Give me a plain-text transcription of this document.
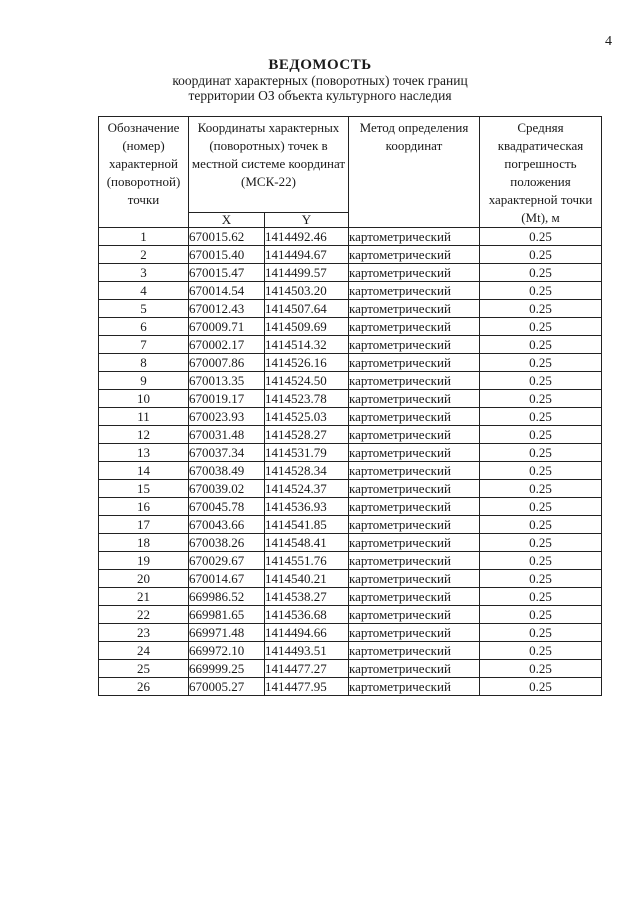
4
ВЕДОМОСТЬ
координат характерных (поворотных) точек границ
территории ОЗ объекта культурного наследия
Обозначение (номер) характерной (поворотной) точки	Координаты характерных (поворотных) точек в местной системе координат (МСК-22)		Метод определения координат	Средняя квадратическая погрешность положения характерной точки (Mt), м
	X	Y		
1	670015.62	1414492.46	картометрический	0.25
2	670015.40	1414494.67	картометрический	0.25
3	670015.47	1414499.57	картометрический	0.25
4	670014.54	1414503.20	картометрический	0.25
5	670012.43	1414507.64	картометрический	0.25
6	670009.71	1414509.69	картометрический	0.25
7	670002.17	1414514.32	картометрический	0.25
8	670007.86	1414526.16	картометрический	0.25
9	670013.35	1414524.50	картометрический	0.25
10	670019.17	1414523.78	картометрический	0.25
11	670023.93	1414525.03	картометрический	0.25
12	670031.48	1414528.27	картометрический	0.25
13	670037.34	1414531.79	картометрический	0.25
14	670038.49	1414528.34	картометрический	0.25
15	670039.02	1414524.37	картометрический	0.25
16	670045.78	1414536.93	картометрический	0.25
17	670043.66	1414541.85	картометрический	0.25
18	670038.26	1414548.41	картометрический	0.25
19	670029.67	1414551.76	картометрический	0.25
20	670014.67	1414540.21	картометрический	0.25
21	669986.52	1414538.27	картометрический	0.25
22	669981.65	1414536.68	картометрический	0.25
23	669971.48	1414494.66	картометрический	0.25
24	669972.10	1414493.51	картометрический	0.25
25	669999.25	1414477.27	картометрический	0.25
26	670005.27	1414477.95	картометрический	0.25
